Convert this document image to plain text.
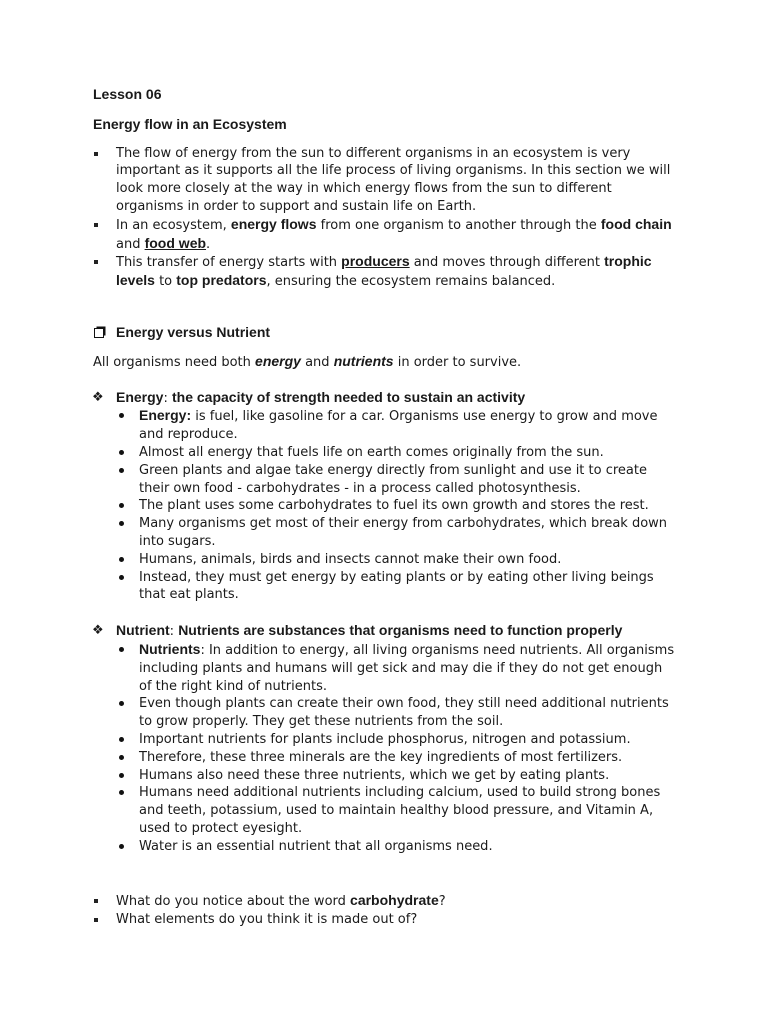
Lesson 06
Energy flow in an Ecosystem
The flow of energy from the sun to different organisms in an ecosystem is very important as it supports all the life process of living organisms. In this section we will look more closely at the way in which energy flows from the sun to different organisms in order to support and sustain life on Earth.
In an ecosystem, energy flows from one organism to another through the food chain and food web.
This transfer of energy starts with producers and moves through different trophic levels to top predators, ensuring the ecosystem remains balanced.
Energy versus Nutrient
All organisms need both energy and nutrients in order to survive.
❖ Energy: the capacity of strength needed to sustain an activity
Energy: is fuel, like gasoline for a car. Organisms use energy to grow and move and reproduce.
Almost all energy that fuels life on earth comes originally from the sun.
Green plants and algae take energy directly from sunlight and use it to create their own food - carbohydrates - in a process called photosynthesis.
The plant uses some carbohydrates to fuel its own growth and stores the rest.
Many organisms get most of their energy from carbohydrates, which break down into sugars.
Humans, animals, birds and insects cannot make their own food.
Instead, they must get energy by eating plants or by eating other living beings that eat plants.
❖ Nutrient: Nutrients are substances that organisms need to function properly
Nutrients: In addition to energy, all living organisms need nutrients. All organisms including plants and humans will get sick and may die if they do not get enough of the right kind of nutrients.
Even though plants can create their own food, they still need additional nutrients to grow properly. They get these nutrients from the soil.
Important nutrients for plants include phosphorus, nitrogen and potassium.
Therefore, these three minerals are the key ingredients of most fertilizers.
Humans also need these three nutrients, which we get by eating plants.
Humans need additional nutrients including calcium, used to build strong bones and teeth, potassium, used to maintain healthy blood pressure, and Vitamin A, used to protect eyesight.
Water is an essential nutrient that all organisms need.
What do you notice about the word carbohydrate?
What elements do you think it is made out of?
